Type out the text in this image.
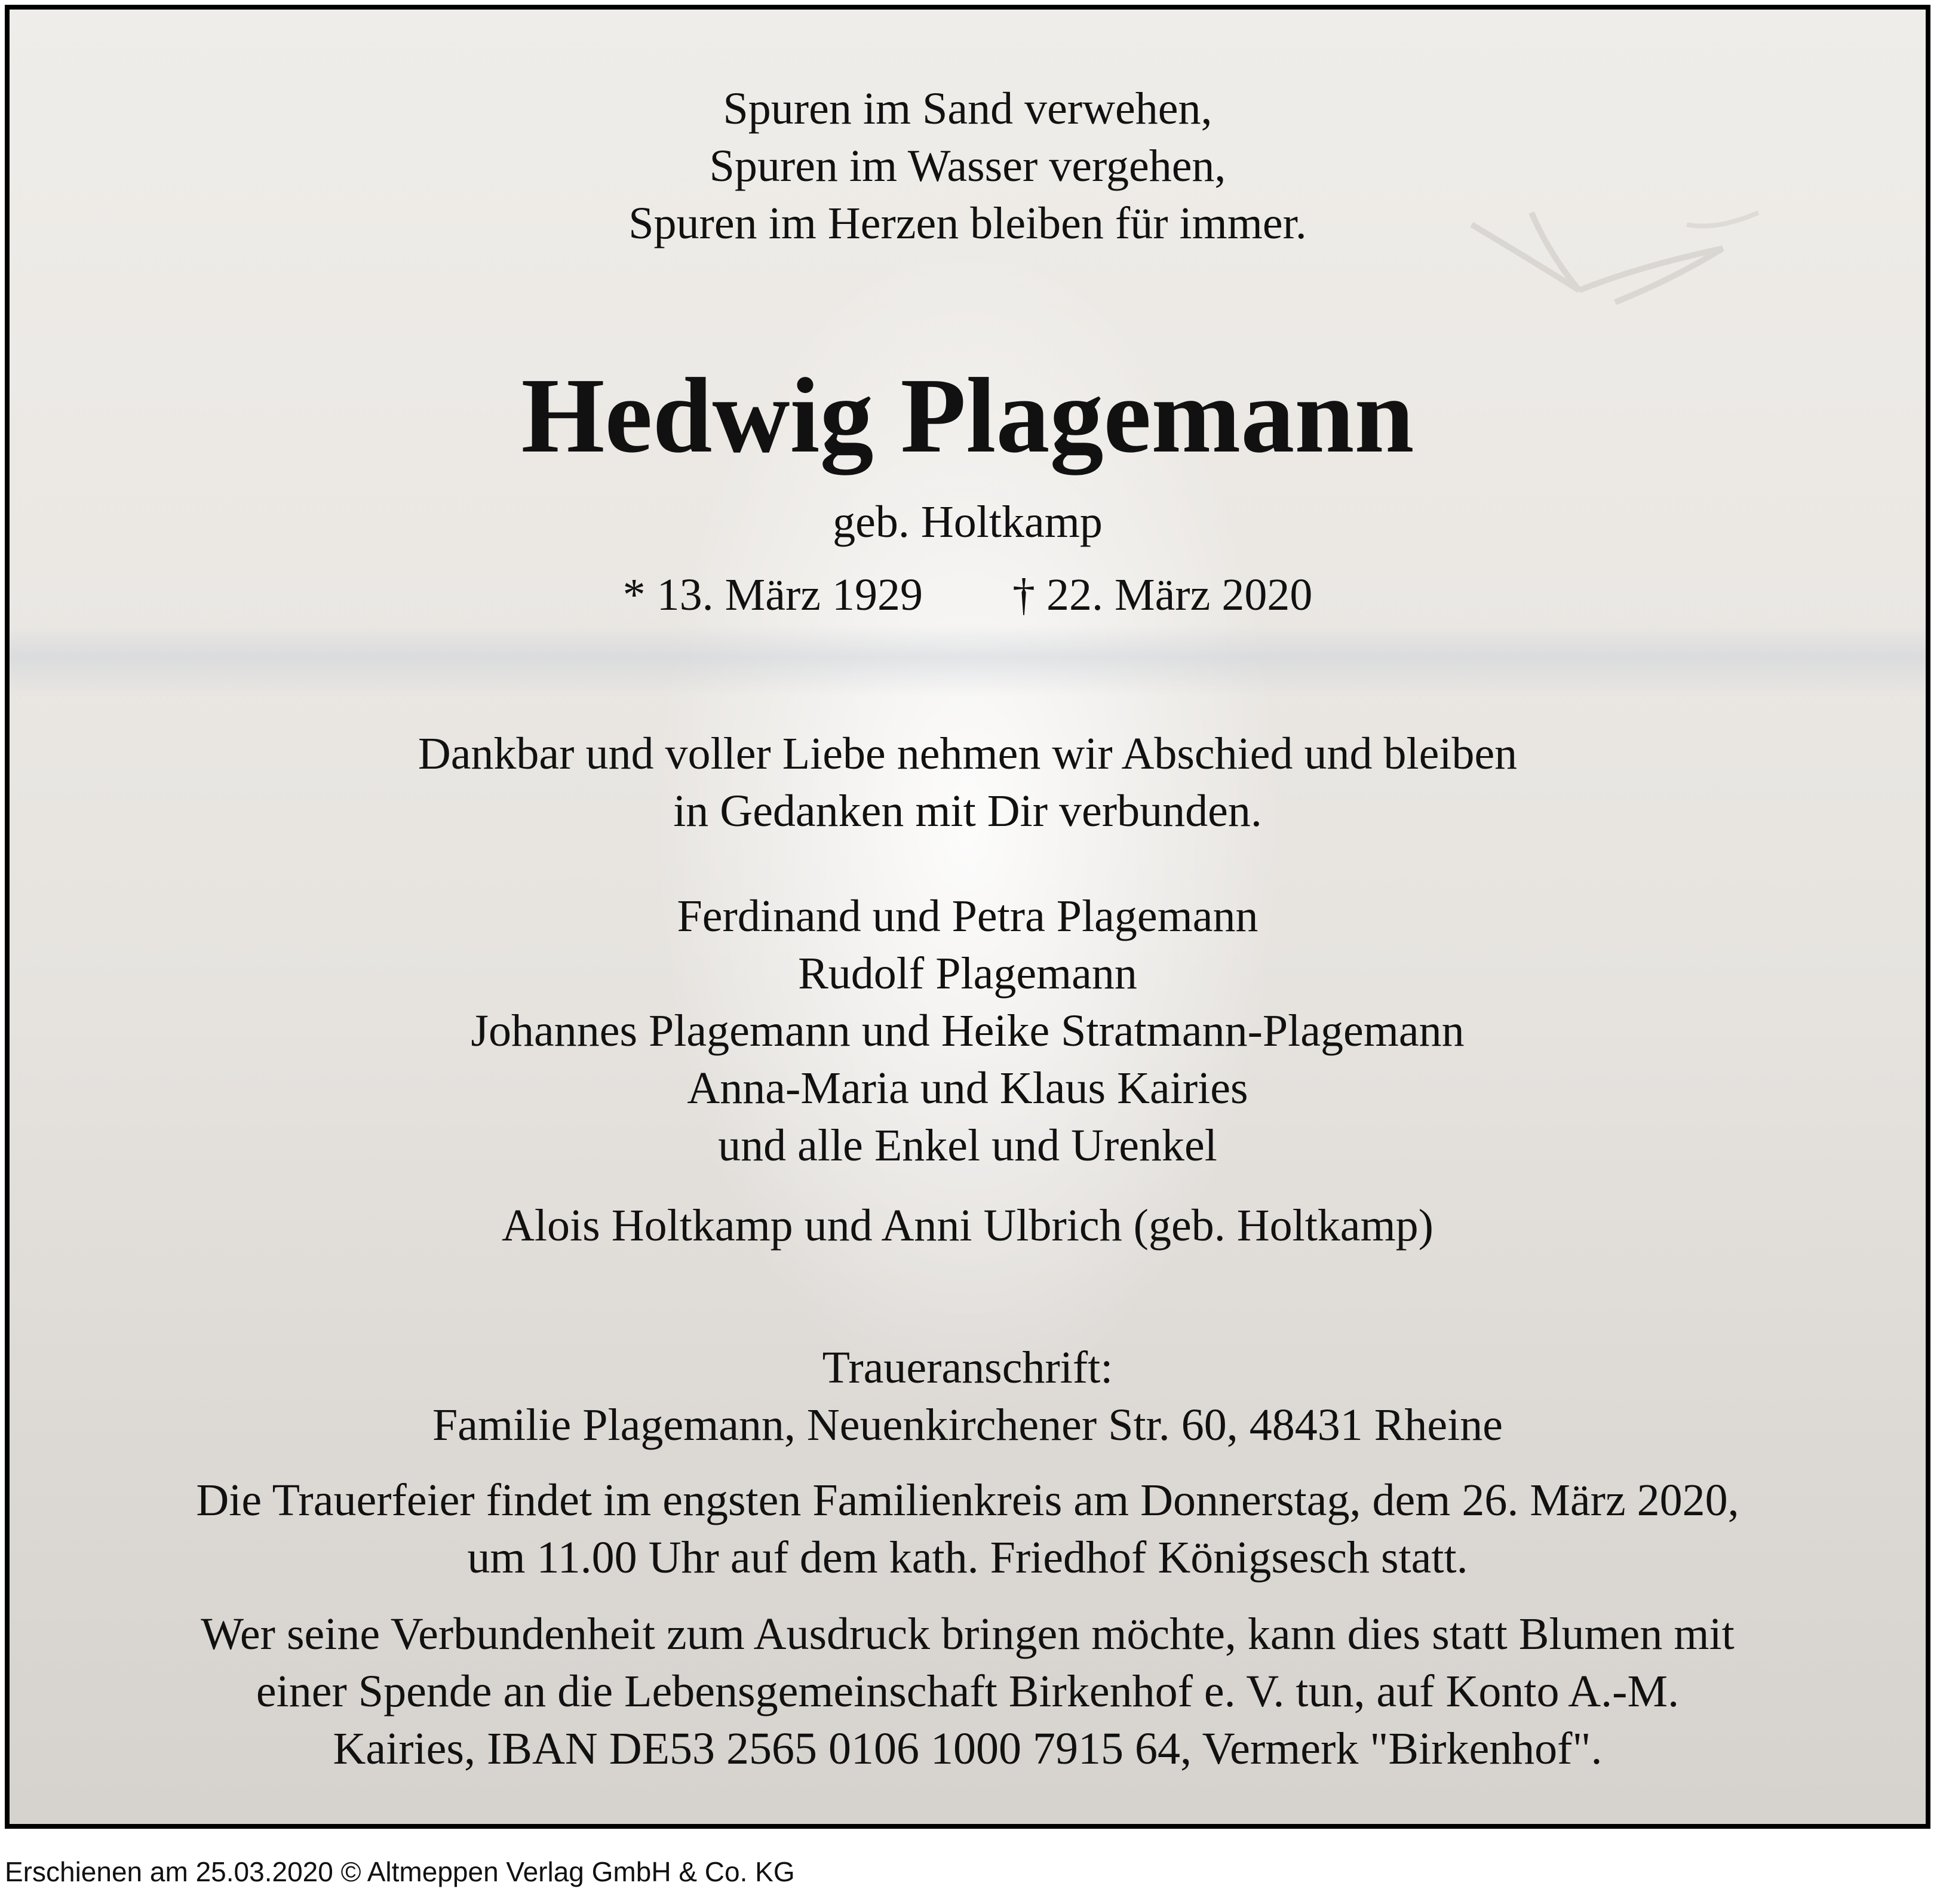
Spuren im Sand verwehen,
Spuren im Wasser vergehen,
Spuren im Herzen bleiben für immer.
Hedwig Plagemann
geb. Holtkamp
* 13. März 1929 † 22. März 2020
Dankbar und voller Liebe nehmen wir Abschied und bleiben
in Gedanken mit Dir verbunden.
Ferdinand und Petra Plagemann
Rudolf Plagemann
Johannes Plagemann und Heike Stratmann-Plagemann
Anna-Maria und Klaus Kairies
und alle Enkel und Urenkel
Alois Holtkamp und Anni Ulbrich (geb. Holtkamp)
Traueranschrift:
Familie Plagemann, Neuenkirchener Str. 60, 48431 Rheine
Die Trauerfeier findet im engsten Familienkreis am Donnerstag, dem 26. März 2020,
um 11.00 Uhr auf dem kath. Friedhof Königsesch statt.
Wer seine Verbundenheit zum Ausdruck bringen möchte, kann dies statt Blumen mit
einer Spende an die Lebensgemeinschaft Birkenhof e. V. tun, auf Konto A.-M.
Kairies, IBAN DE53 2565 0106 1000 7915 64, Vermerk "Birkenhof".
Erschienen am 25.03.2020 © Altmeppen Verlag GmbH & Co. KG
